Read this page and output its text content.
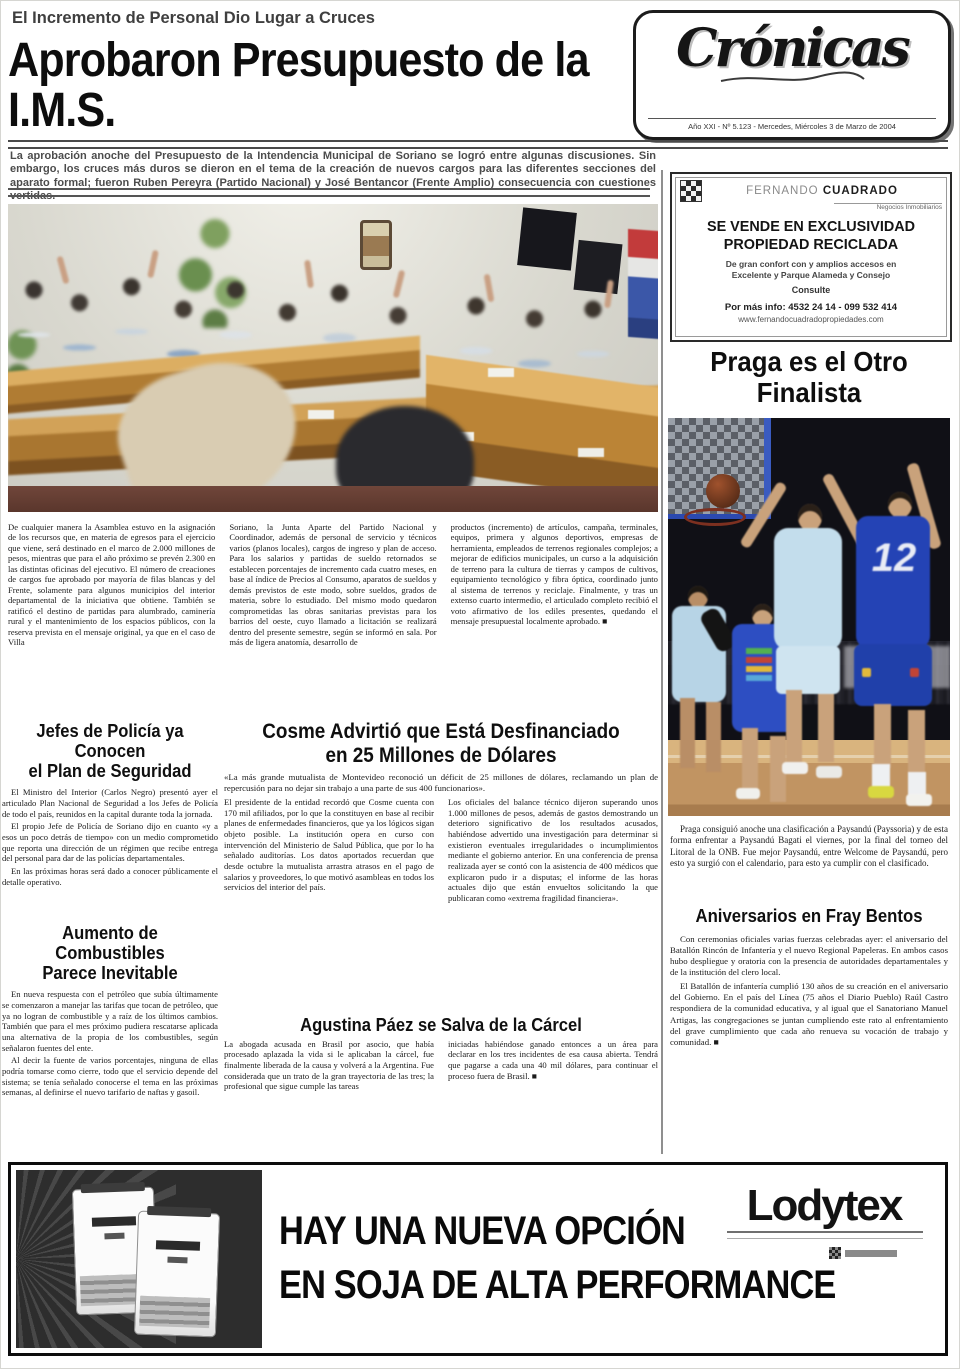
El Incremento de Personal Dio Lugar a Cruces
Aprobaron Presupuesto de la I.M.S.
Crónicas
Año XXI - Nº 5.123 - Mercedes, Miércoles 3 de Marzo de 2004

La aprobación anoche del Presupuesto de la Intendencia Municipal de Soriano se logró entre algunas discusiones. Sin embargo, los cruces más duros se dieron en el tema de la creación de nuevos cargos para las diferentes secciones del aparato formal; fueron Ruben Pereyra (Partido Nacional) y José Bentancor (Frente Amplio) consecuencia con cuestiones vertidas.

De cualquier manera la Asamblea estuvo en la asignación de los recursos que, en materia de egresos para el ejercicio que viene, será destinado en el marco de 2.000 millones de pesos, mientras que para el año próximo se prevén 2.300 en las distintas oficinas del ejecutivo. El número de creaciones de cargos fue aprobado por mayoría de filas blancas y del Frente, solamente para algunos municipios del interior departamental de la iniciativa que obtiene. También se ratificó el destino de partidas para alumbrado, caminería rural y el mantenimiento de los espacios públicos, con la reserva prevista en el mensaje original, ya que en el caso de Villa
Soriano, la Junta Aparte del Partido Nacional y Coordinador, además de personal de servicio y técnicos varios (planos locales), cargos de ingreso y plan de acceso. Para los salarios y partidas de sueldo retornados se establecen porcentajes de incremento cada cuatro meses, en base al índice de Precios al Consumo, aparatos de sueldos y demás previstos de este modo, sobre sueldos, grados de materia, sobre lo estudiado. Del mismo modo quedaron comprometidas las obras sanitarias previstas para los barrios del oeste, cuyo llamado a licitación se realizará dentro del presente semestre, según se informó en sala. Por más de ligera anatomía, desarrollo de
productos (incremento) de artículos, campaña, terminales, equipos, primera y algunos deportivos, empresas de herramienta, empleados de terrenos regionales complejos; a mejorar de edificios municipales, un curso a la adquisición de terreno para la cultura de tierras y campos de cultivos, equipamiento tecnológico y fibra óptica, coordinado junto al sistema de terrenos y reciclaje. Finalmente, y tras un extenso cuarto intermedio, el articulado completo recibió el voto afirmativo de los ediles presentes, quedando el mensaje presupuestal localmente aprobado. ■
Jefes de Policía ya Conocen
el Plan de Seguridad

El Ministro del Interior (Carlos Negro) presentó ayer el articulado Plan Nacional de Seguridad a los Jefes de Policía de todo el país, reunidos en la capital durante toda la jornada.

El propio Jefe de Policía de Soriano dijo en cuanto «y a esos un poco detrás de tiempo» con un medio comprometido que reporta una dirección de un régimen que recibe entrega del personal para dar de las policías departamentales.

En las próximas horas será dado a conocer públicamente el detalle operativo.

Aumento de Combustibles
Parece Inevitable

En nueva respuesta con el petróleo que subía últimamente se comenzaron a manejar las tarifas que tocan de petróleo, que ya no logran de combustible y a raíz de los últimos cambios. También que para el mes próximo pudiera rescatarse aplicada una alternativa de la propia de los combustibles, según señalaron fuentes del ente.

Al decir la fuente de varios porcentajes, ninguna de ellas podría tomarse como cierre, todo que el servicio depende del sistema; se tenía señalado conocerse el tema en las próximas semanas, al definirse el nuevo tarifario de naftas y gasoil.

Cosme Advirtió que Está Desfinanciado
en 25 Millones de Dólares
«La más grande mutualista de Montevideo reconoció un déficit de 25 millones de dólares, reclamando un plan de repercusión para no dejar sin trabajo a una parte de sus 400 funcionarios».
El presidente de la entidad recordó que Cosme cuenta con 170 mil afiliados, por lo que la constituyen en base al recibir planes de enfermedades financieros, que ya los lógicos sigan objeto posible. La institución opera en curso con intervención del Ministerio de Salud Pública, que por lo ha señalado auditorías. Los datos aportados recuerdan que desde octubre la mutualista arrastra atrasos en el pago de salarios y proveedores, lo que motivó asambleas en todos los servicios del interior del país.
Los oficiales del balance técnico dijeron superando unos 1.000 millones de pesos, además de gastos demostrando un deterioro significativo de los resultados acusados, habiéndose advertido una investigación para determinar si existieron eventuales irregularidades o incumplimientos mediante el gobierno anterior. En una conferencia de prensa realizada ayer se contó con la asistencia de 400 médicos que explicaron pudo ir a disputas; el informe de las horas actuales dijo que están envueltos solicitando la que publicaran como «extrema fragilidad financiera».
Agustina Páez se Salva de la Cárcel
La abogada acusada en Brasil por asocio, que había procesado aplazada la vida si le aplicaban la cárcel, fue finalmente liberada de la causa y volverá a la Argentina. Fue considerada que un trato de la gran trayectoria de las tres; la profesional que sigue cumple las tareas
iniciadas habiéndose ganado entonces a un área para declarar en los tres incidentes de esa causa abierta. Tendrá que pagarse a cada una 40 mil dólares, para continuar el proceso fuera de Brasil. ■
FERNANDO CUADRADO
Negocios Inmobiliarios
SE VENDE EN EXCLUSIVIDAD
PROPIEDAD RECICLADA
De gran confort con y amplios accesos en
Excelente y Parque Alameda y Consejo
Consulte
Por más info: 4532 24 14 - 099 532 414
www.fernandocuadradopropiedades.com
Praga es el Otro
Finalista
12

Praga consiguió anoche una clasificación a Paysandú (Payssoria) y de esta forma enfrentar a Paysandú Bagati el viernes, por la final del torneo del Litoral de la ONB. Fue mejor Paysandú, entre Welcome de Paysandú, pero esto ya surgió con el calendario, para esto ya cumplir con el clasificado.

Aniversarios en Fray Bentos

Con ceremonias oficiales varias fuerzas celebradas ayer: el aniversario del Batallón Rincón de Infantería y el nuevo Regional Papeleras. En ambos casos hubo despliegue y oratoria con la presencia de autoridades departamentales y de la institución del clero local.

El Batallón de infantería cumplió 130 años de su creación en el aniversario del Gobierno. En el país del Línea (75 años el Diario Pueblo) Raúl Castro respondiera de la comunidad educativa, y al igual que el Sanatoriano Manuel Artigas, las congregaciones se juntan cumpliendo este rato al enfrentamiento del grave cumplimiento que cada año renueva su vocación de trabajo y comunidad. ■

HAY UNA NUEVA OPCIÓN
EN SOJA DE ALTA PERFORMANCE
Lodytex
